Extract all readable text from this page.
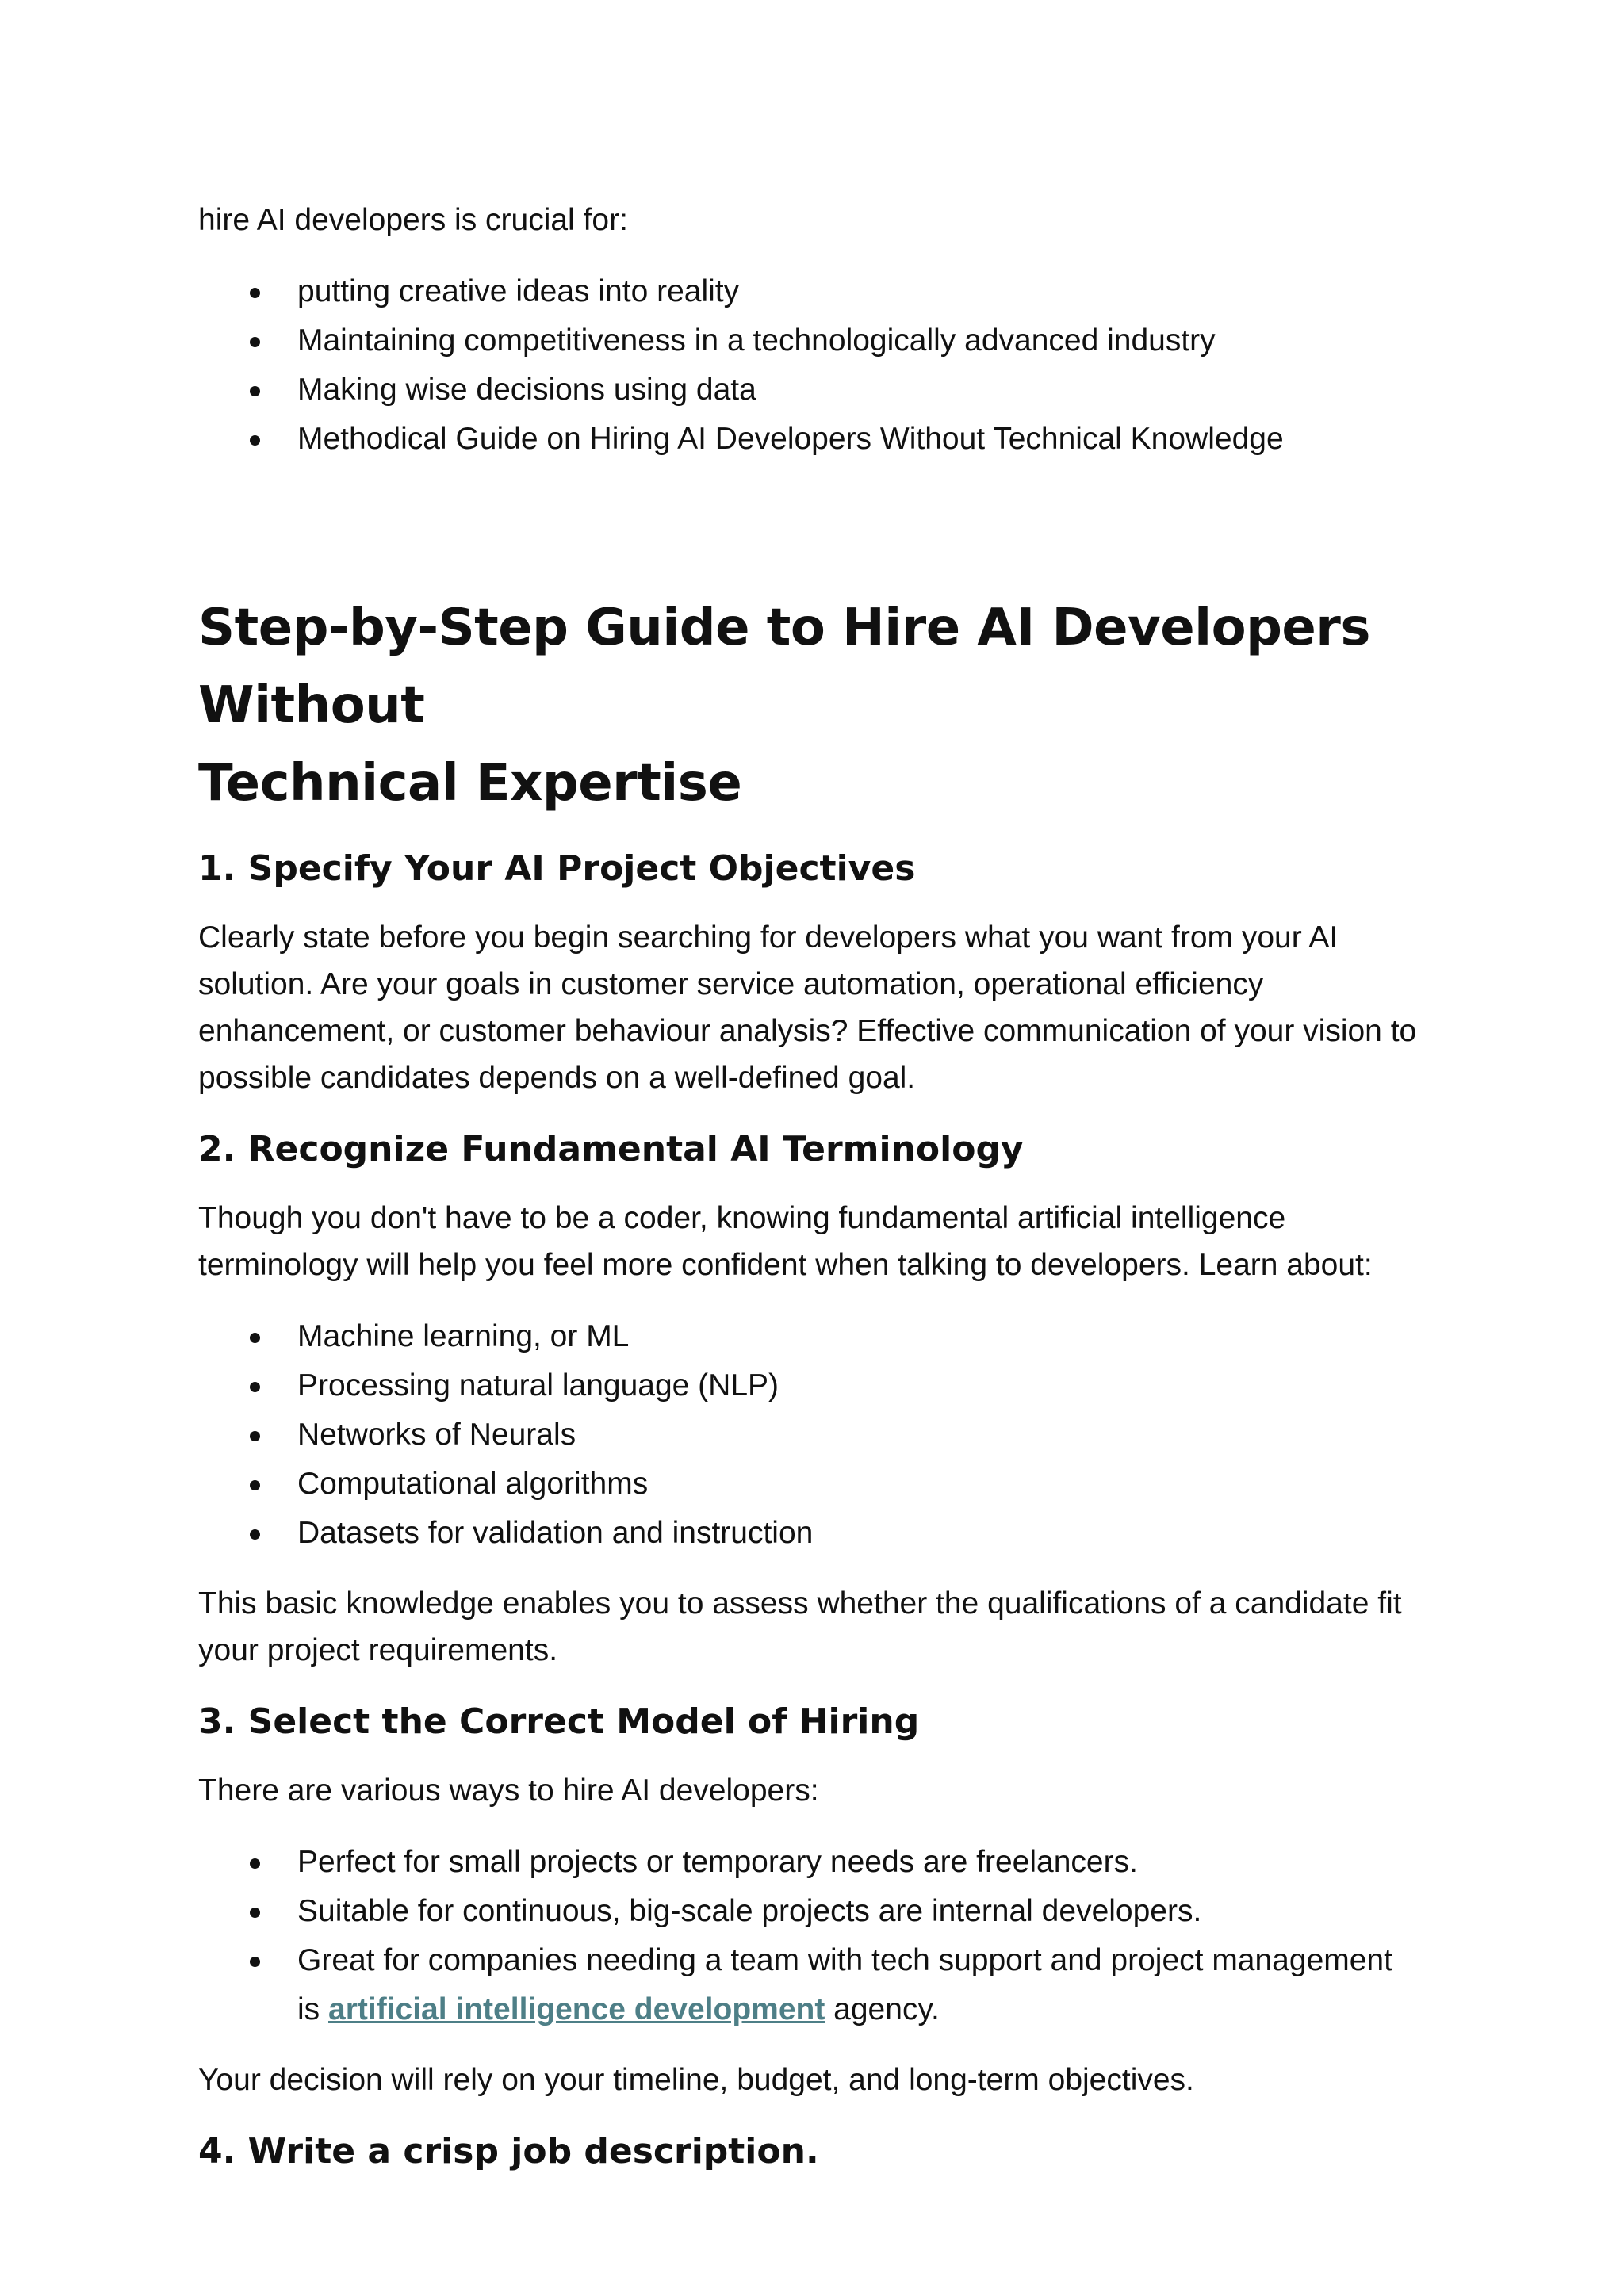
hire AI developers is crucial for:

putting creative ideas into reality
Maintaining competitiveness in a technologically advanced industry
Making wise decisions using data
Methodical Guide on Hiring AI Developers Without Technical Knowledge
Step-by-Step Guide to Hire AI Developers Without
Technical Expertise
1. Specify Your AI Project Objectives

Clearly state before you begin searching for developers what you want from your AI solution. Are your goals in customer service automation, operational efficiency enhancement, or customer behaviour analysis? Effective communication of your vision to possible candidates depends on a well-defined goal.

2. Recognize Fundamental AI Terminology

Though you don't have to be a coder, knowing fundamental artificial intelligence terminology will help you feel more confident when talking to developers. Learn about:

Machine learning, or ML
Processing natural language (NLP)
Networks of Neurals
Computational algorithms
Datasets for validation and instruction

This basic knowledge enables you to assess whether the qualifications of a candidate fit your project requirements.

3. Select the Correct Model of Hiring

There are various ways to hire AI developers:

Perfect for small projects or temporary needs are freelancers.
Suitable for continuous, big-scale projects are internal developers.
Great for companies needing a team with tech support and project management
is artificial intelligence development agency.

Your decision will rely on your timeline, budget, and long-term objectives.

4. Write a crisp job description.
